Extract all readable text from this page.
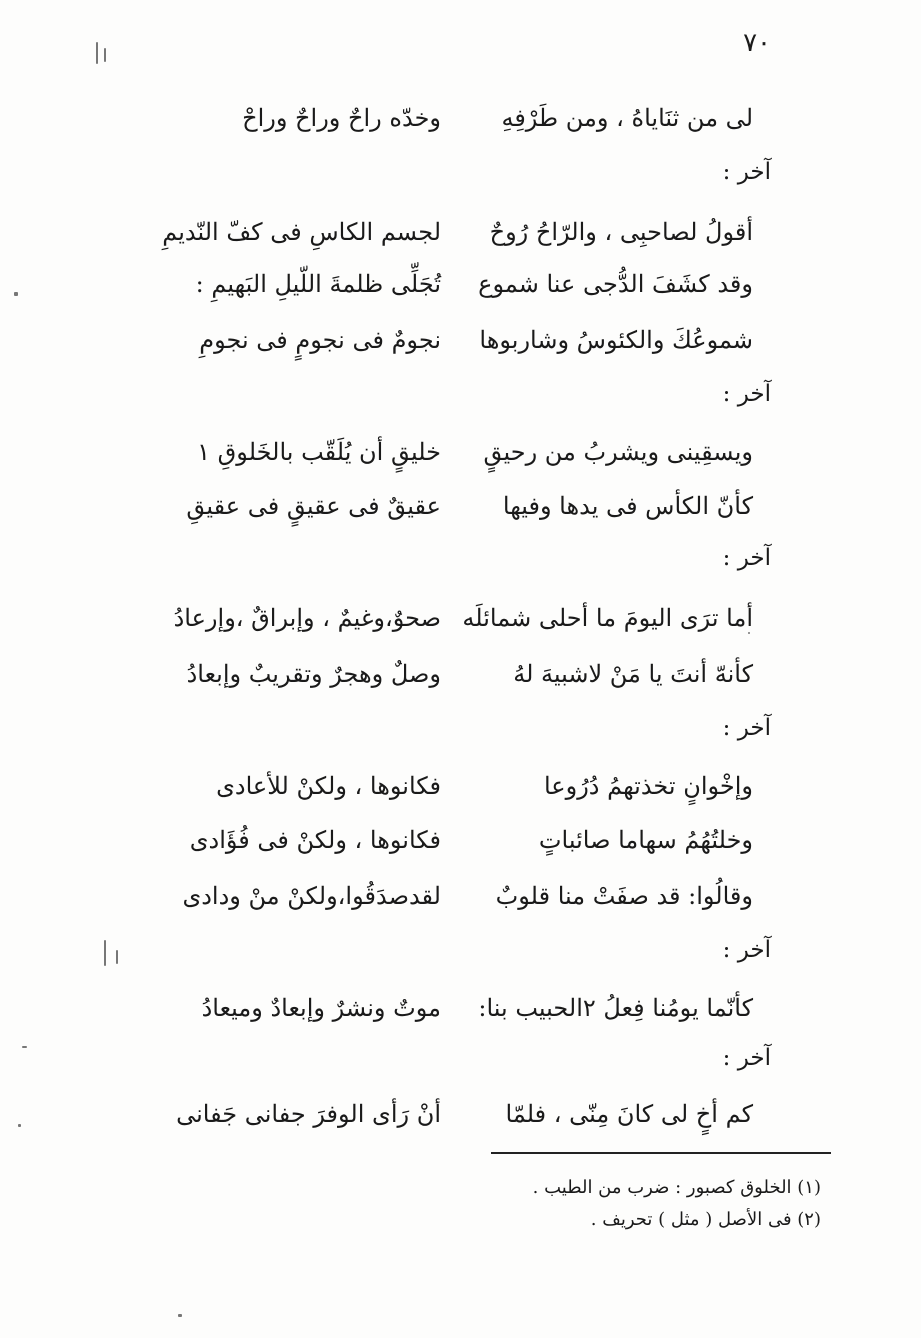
٧٠
لی من ثنَاياهُ ، ومن طَرْفِهِ
وخدّه راحٌ وراحٌ وراحْ
آخر :
أقولُ لصاحبِی ، والرّاحُ رُوحٌ
لجسم الكاسِ فی كفّ النّديمِ
وقد كشَفَ الدُّجی عنا شموع
تُجَلِّی ظلمةَ اللّيلِ البَهيمِ :
شموعُكَ والكئوسُ وشاربوها
نجومٌ فی نجومٍ فی نجومِ
آخر :
ويسقِينی ويشربُ من رحيقٍ
خليقٍ أن يُلَقّب بالخَلوقِ ١
كأنّ الكأس فی يدها وفيها
عقيقٌ فی عقيقٍ فی عقيقِ
آخر :
أما ترَی اليومَ ما أحلی شمائلَه
صحوٌ،وغيمٌ ، وإبراقٌ ،وإرعادُ
كأنهّ أنتَ يا مَنْ لاشبيهَ لهُ
وصلٌ وهجرٌ وتقريبٌ وإبعادُ
آخر :
وإخْوانٍ تخذتهمُ دُرُوعا
فكانوها ، ولكنْ للأعادی
وخلتُهُمُ سهاما صائباتٍ
فكانوها ، ولكنْ فی فُؤَادی
وقالُوا: قد صفَتْ منا قلوبٌ
لقدصدَقُوا،ولكنْ منْ ودادی
آخر :
كأنّما يومُنا فِعلُ ٢الحبيب بنا:
موتٌ ونشرٌ وإبعادٌ وميعادُ
آخر :
كم أخٍ لی كانَ مِنّی ، فلمّا
أنْ رَأی الوفرَ جفانی جَفانی
(١) الخلوق كصبور : ضرب من الطيب .
(٢) فی الأصل ( مثل ) تحريف .
